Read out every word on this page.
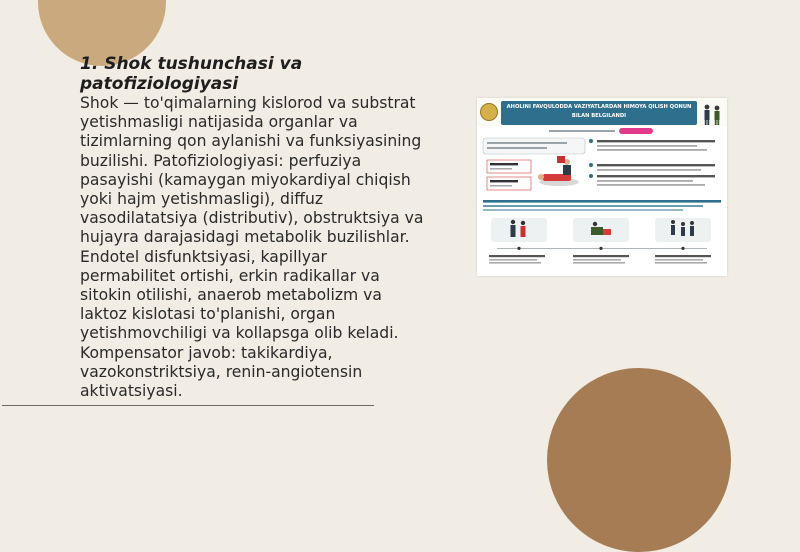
1. Shok tushunchasi va patofiziologiyasi

Shok — to'qimalarning kislorod va substrat yetishmasligi natijasida organlar va tizimlarning qon aylanishi va funksiyasining buzilishi. Patofiziologiyasi: perfuziya pasayishi (kamaygan miyokardiyal chiqish yoki hajm yetishmasligi), diffuz vasodilatatsiya (distributiv), obstruktsiya va hujayra darajasidagi metabolik buzilishlar. Endotel disfunktsiyasi, kapillyar permabilitet ortishi, erkin radikallar va sitokin otilishi, anaerob metabolizm va laktoz kislotasi to'planishi, organ yetishmovchiligi va kollapsga olib keladi. Kompensator javob: takikardiya, vazokonstriktsiya, renin-angiotensin aktivatsiyasi.

AHOLINI FAVQULODDA VAZIYATLARDAN HIMOYA QILISH QONUN BILAN BELGILANDI
